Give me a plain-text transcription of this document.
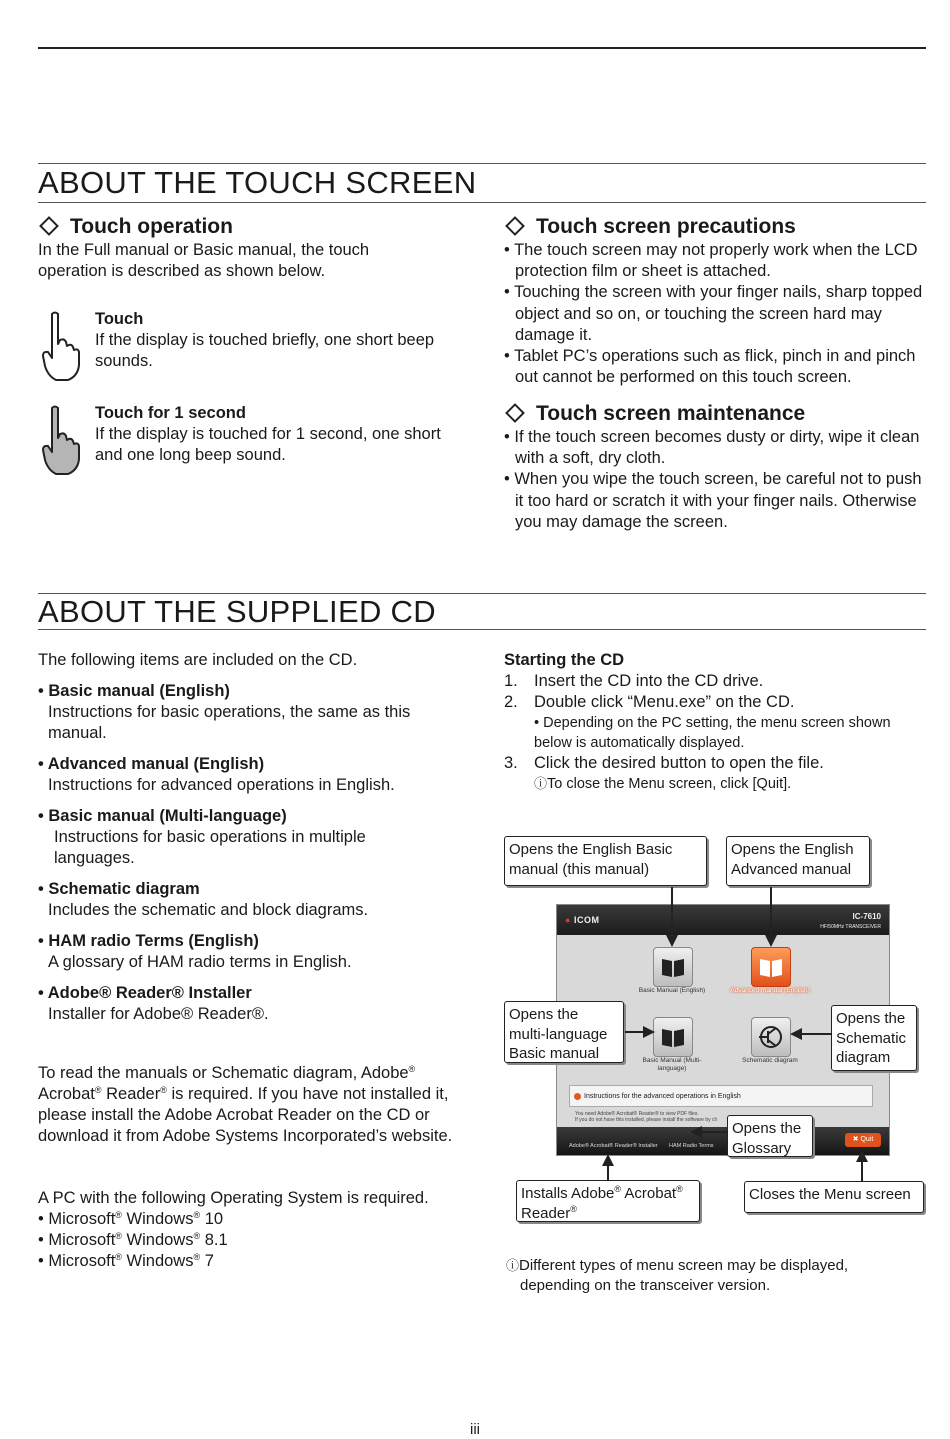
ABOUT THE TOUCH SCREEN
Touch operation
In the Full manual or Basic manual, the touch operation is described as shown below.
Touch
If the display is touched briefly, one short beep sounds.
Touch for 1 second
If the display is touched for 1 second, one short and one long beep sound.
Touch screen precautions
• The touch screen may not properly work when the LCD protection film or sheet is attached.
• Touching the screen with your finger nails, sharp topped object and so on, or touching the screen hard may damage it.
• Tablet PC’s operations such as flick, pinch in and pinch out cannot be performed on this touch screen.
Touch screen maintenance
• If the touch screen becomes dusty or dirty, wipe it clean with a soft, dry cloth.
• When you wipe the touch screen, be careful not to push it too hard or scratch it with your finger nails. Otherwise you may damage the screen.
ABOUT THE SUPPLIED CD
The following items are included on the CD.
• Basic manual (English)
Instructions for basic operations, the same as this manual.
• Advanced manual (English)
Instructions for advanced operations in English.
• Basic manual (Multi-language)
Instructions for basic operations in multiple languages.
• Schematic diagram
Includes the schematic and block diagrams.
• HAM radio Terms (English)
A glossary of HAM radio terms in English.
• Adobe® Reader® Installer
Installer for Adobe® Reader®.
To read the manuals or Schematic diagram, Adobe® Acrobat® Reader® is required. If you have not installed it, please install the Adobe Acrobat Reader on the CD or download it from Adobe Systems Incorporated’s website.
A PC with the following Operating System is required.
• Microsoft® Windows® 10
• Microsoft® Windows® 8.1
• Microsoft® Windows® 7
Starting the CD
1. Insert the CD into the CD drive.
2. Double click “Menu.exe” on the CD.
• Depending on the PC setting, the menu screen shown below is automatically displayed.
3. Click the desired button to open the file.
ⓘTo close the Menu screen, click [Quit].
● ICOM	IC-7610
HF/50MHz TRANSCEIVER
Basic Manual (English)	Advanced manual (English)
Basic Manual (Multi-language)
Schematic diagram
Instructions for the advanced operations in English
You need Adobe® Acrobat® Reader® to view PDF files.
If you do not have this installed, please install the software by cli
Adobe® Acrobat® Reader® Installer HAM Radio Terms
✖ Quit
Opens the English Basic manual (this manual)
Opens the English Advanced manual
Opens the multi-language Basic manual
Opens the Schematic diagram
Opens the Glossary
Installs Adobe® Acrobat®
Reader®
Closes the Menu screen
ⓘDifferent types of menu screen may be displayed, depending on the transceiver version.
iii
